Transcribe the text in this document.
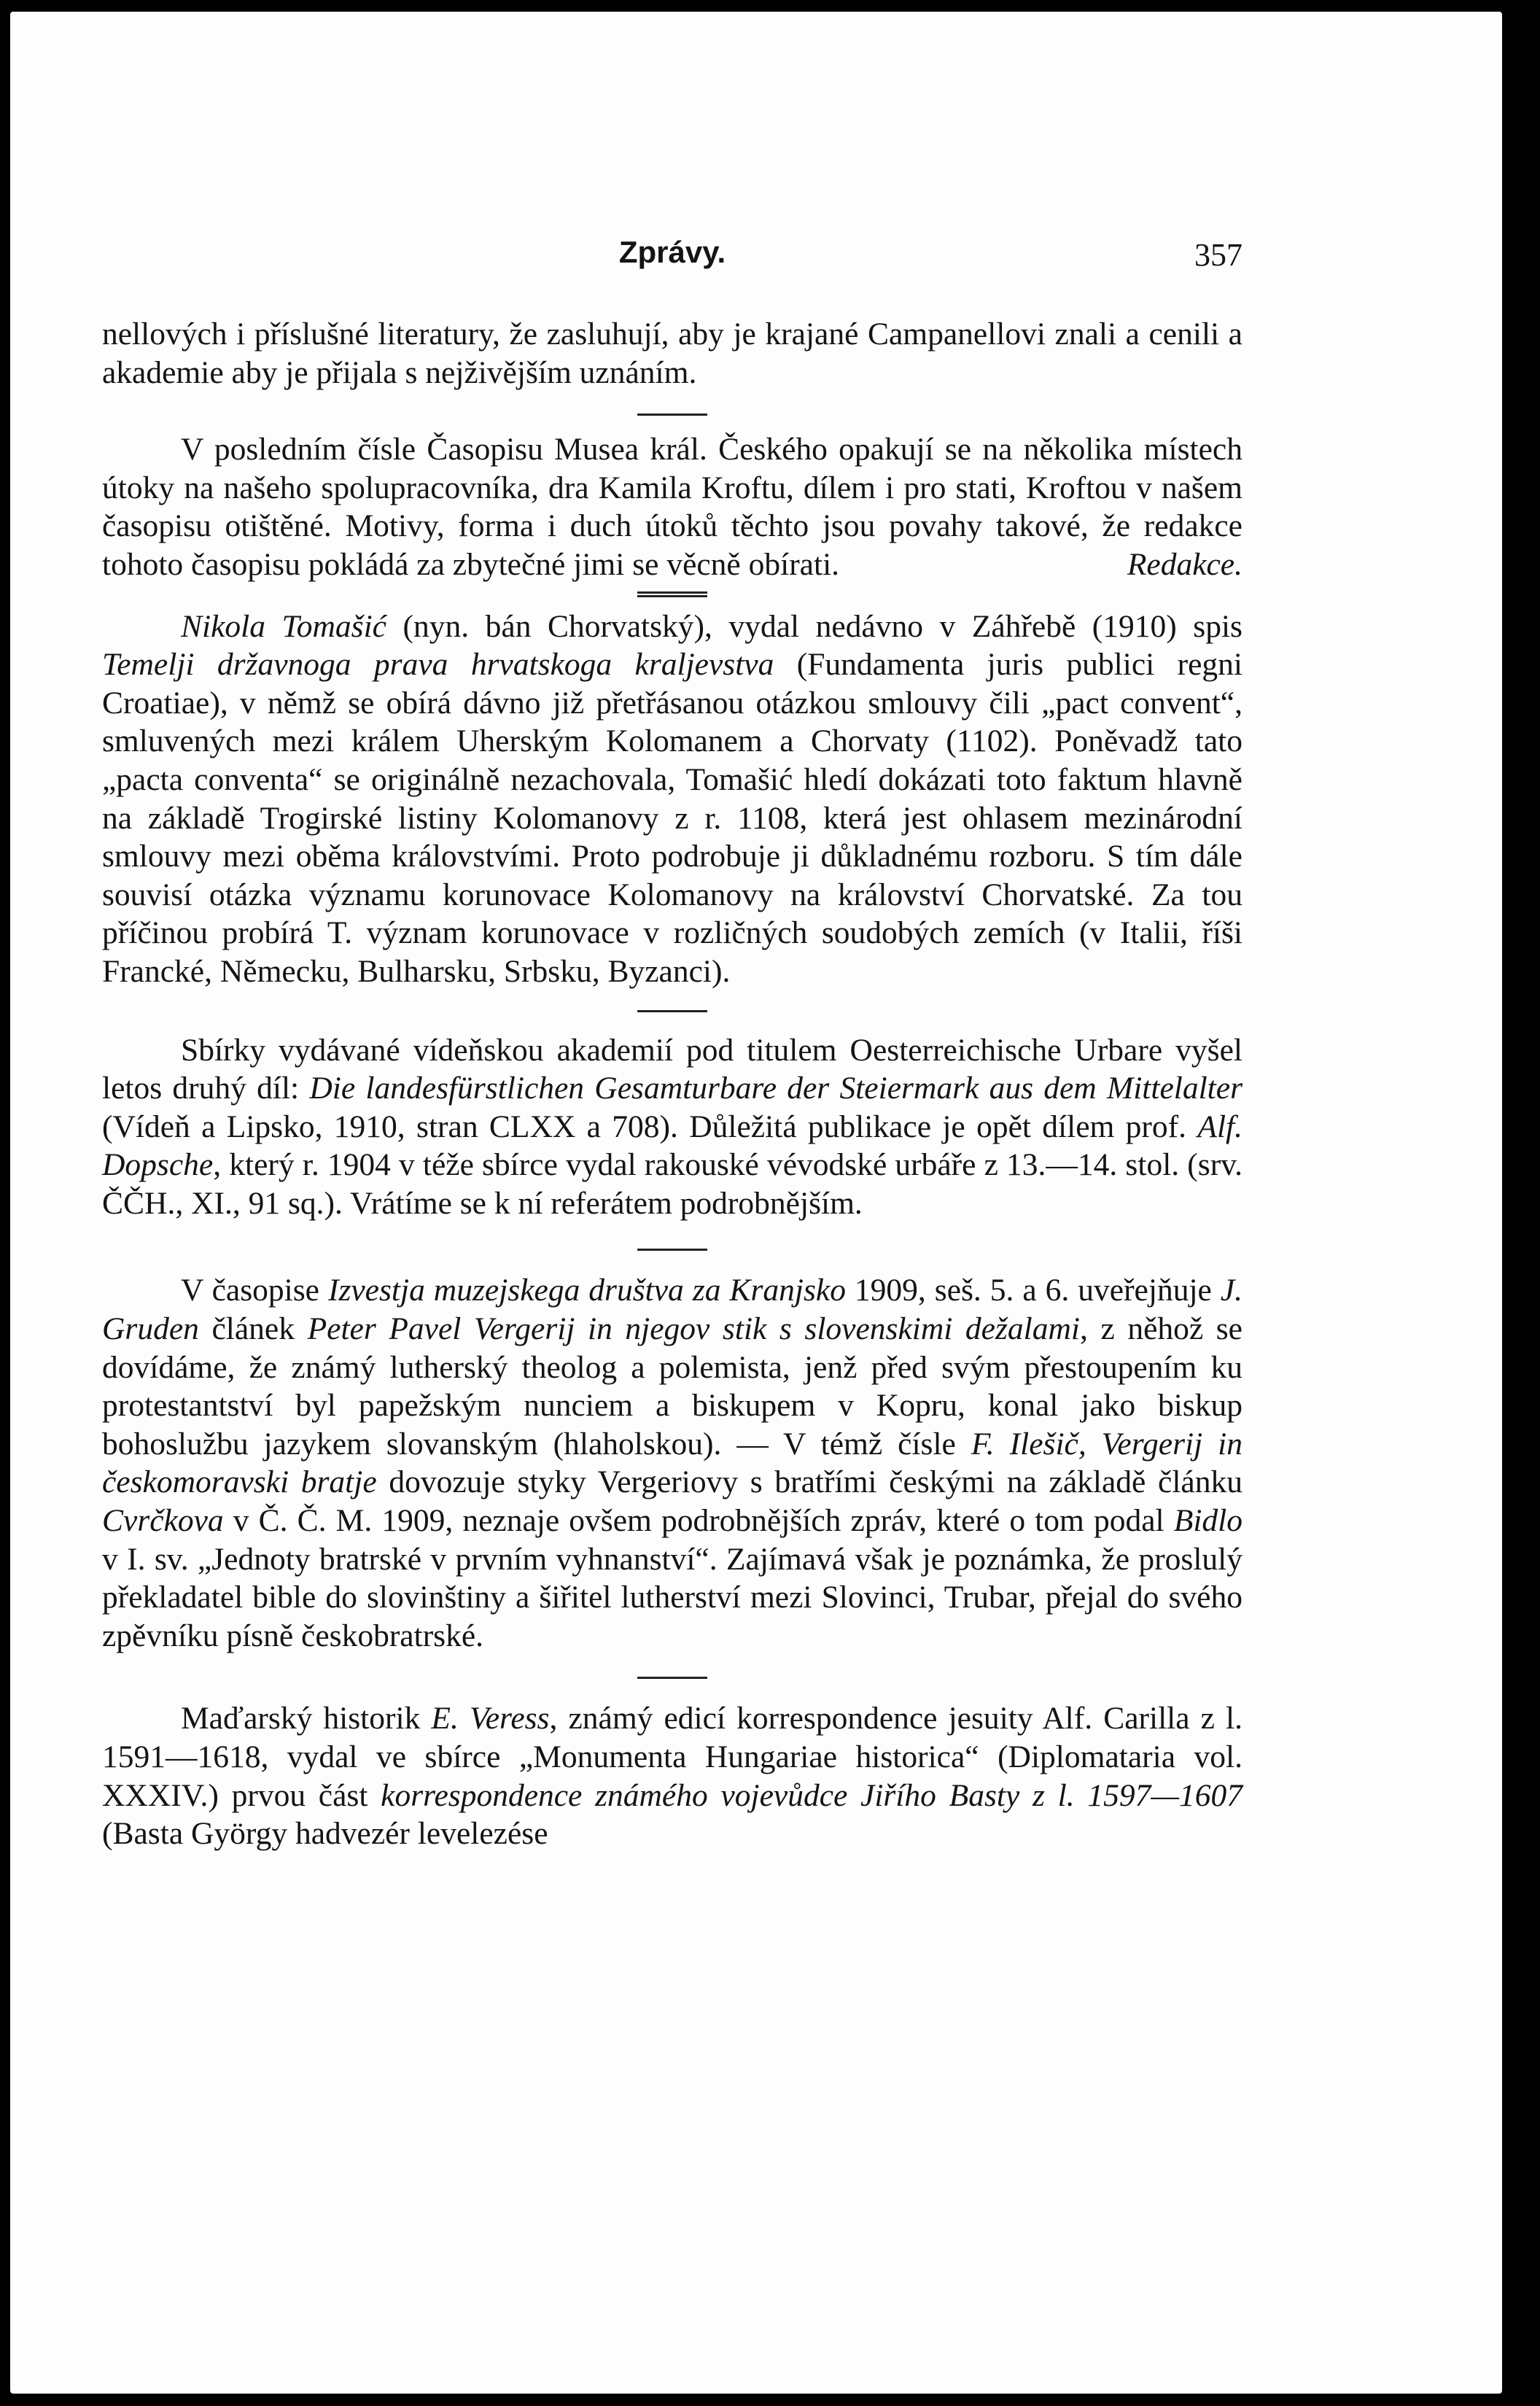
Zprávy.	357

nellových i příslušné literatury, že zasluhují, aby je krajané Campanellovi znali a cenili a akademie aby je přijala s nejživějším uznáním.

V posledním čísle Časopisu Musea král. Českého opakují se na několika místech útoky na našeho spolupracovníka, dra Kamila Kroftu, dílem i pro stati, Kroftou v našem časopisu otištěné. Motivy, forma i duch útoků těchto jsou povahy takové, že redakce tohoto časopisu pokládá za zbytečné jimi se věcně obírati.	Redakce.

Nikola Tomašić (nyn. bán Chorvatský), vydal nedávno v Záhřebě (1910) spis Temelji državnoga prava hrvatskoga kraljevstva (Fundamenta juris publici regni Croatiae), v němž se obírá dávno již přetřásanou otázkou smlouvy čili „pact convent“, smluvených mezi králem Uherským Kolomanem a Chorvaty (1102). Poněvadž tato „pacta conventa“ se originálně nezachovala, Tomašić hledí dokázati toto faktum hlavně na základě Trogirské listiny Kolomanovy z r. 1108, která jest ohlasem mezinárodní smlouvy mezi oběma královstvími. Proto podrobuje ji důkladnému rozboru. S tím dále souvisí otázka významu korunovace Kolomanovy na království Chorvatské. Za tou příčinou probírá T. význam korunovace v rozličných soudobých zemích (v Italii, říši Francké, Německu, Bulharsku, Srbsku, Byzanci).

Sbírky vydávané vídeňskou akademií pod titulem Oesterreichische Urbare vyšel letos druhý díl: Die landesfürstlichen Gesamturbare der Steiermark aus dem Mittelalter (Vídeň a Lipsko, 1910, stran CLXX a 708). Důležitá publikace je opět dílem prof. Alf. Dopsche, který r. 1904 v téže sbírce vydal rakouské vévodské urbáře z 13.—14. stol. (srv. ČČH., XI., 91 sq.). Vrátíme se k ní referátem podrobnějším.

V časopise Izvestja muzejskega društva za Kranjsko 1909, seš. 5. a 6. uveřejňuje J. Gruden článek Peter Pavel Vergerij in njegov stik s slovenskimi dežalami, z něhož se dovídáme, že známý lutherský theolog a polemista, jenž před svým přestoupením ku protestantství byl papežským nunciem a biskupem v Kopru, konal jako biskup bohoslužbu jazykem slovanským (hlaholskou). — V témž čísle F. Ilešič, Vergerij in českomoravski bratje dovozuje styky Vergeriovy s bratřími českými na základě článku Cvrčkova v Č. Č. M. 1909, neznaje ovšem podrobnějších zpráv, které o tom podal Bidlo v I. sv. „Jednoty bratrské v prvním vyhnanství“. Zajímavá však je poznámka, že proslulý překladatel bible do slovinštiny a šiřitel lutherství mezi Slovinci, Trubar, přejal do svého zpěvníku písně českobratrské.

Maďarský historik E. Veress, známý edicí korrespondence jesuity Alf. Carilla z l. 1591—1618, vydal ve sbírce „Monumenta Hungariae historica“ (Diplomataria vol. XXXIV.) prvou část korrespondence známého vojevůdce Jiřího Basty z l. 1597—1607 (Basta György hadvezér levelezése
